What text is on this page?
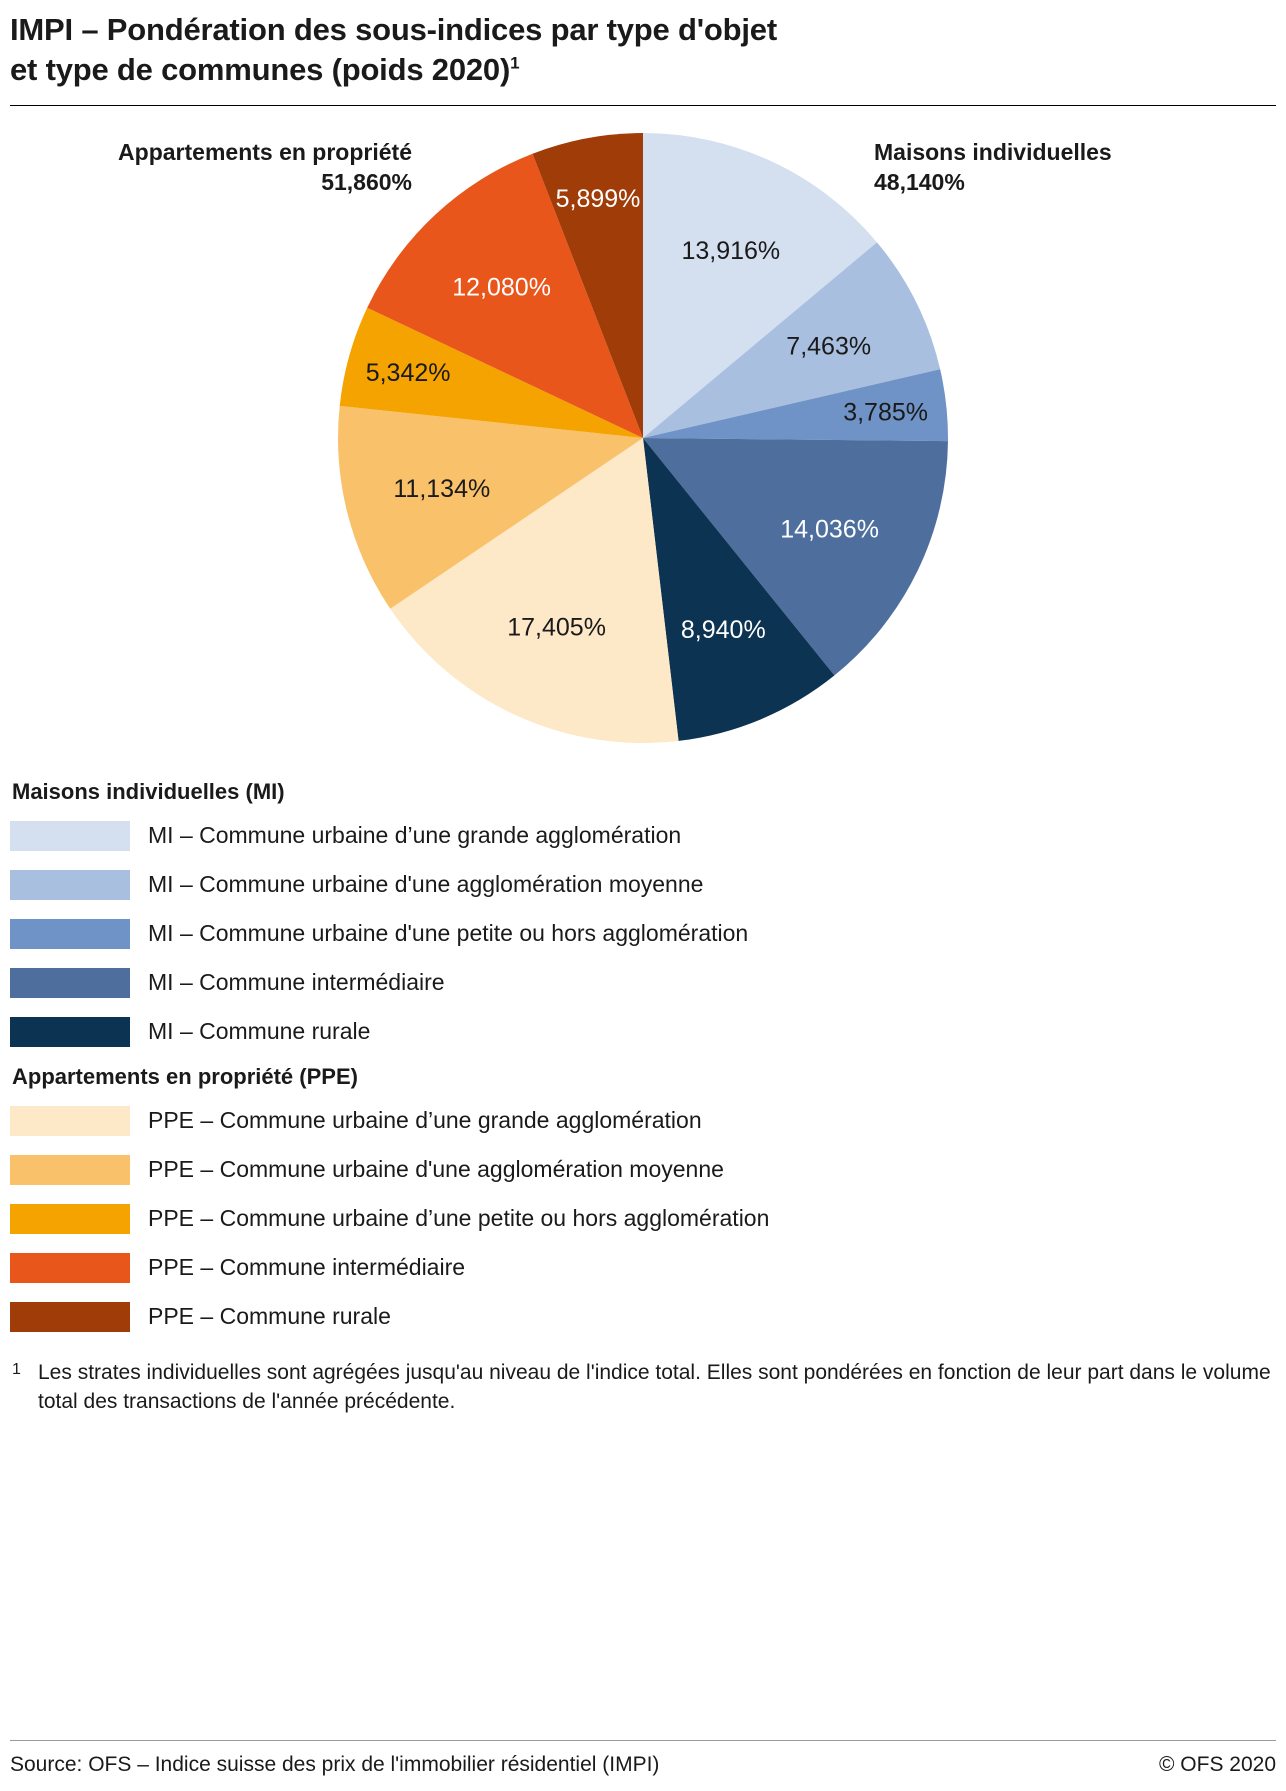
IMPI – Pondération des sous-indices par type d'objet
et type de communes (poids 2020)$^1$
Appartements en propriété
51,860%
Maisons individuelles
48,140%
13,916%
7,463%
3,785%
14,036%
8,940%
17,405%
11,134%
5,342%
12,080%
5,899%
Maisons individuelles (MI)
MI – Commune urbaine d’une grande agglomération
MI – Commune urbaine d'une agglomération moyenne
MI – Commune urbaine d'une petite ou hors agglomération
MI – Commune intermédiaire
MI – Commune rurale
Appartements en propriété (PPE)
PPE – Commune urbaine d’une grande agglomération
PPE – Commune urbaine d'une agglomération moyenne
PPE – Commune urbaine d’une petite ou hors agglomération
PPE – Commune intermédiaire
PPE – Commune rurale
1 Les strates individuelles sont agrégées jusqu'au niveau de l'indice total. Elles sont pondérées en fonction de leur part dans le volume total des transactions de l'année précédente.
Source: OFS – Indice suisse des prix de l'immobilier résidentiel (IMPI)	© OFS 2020
